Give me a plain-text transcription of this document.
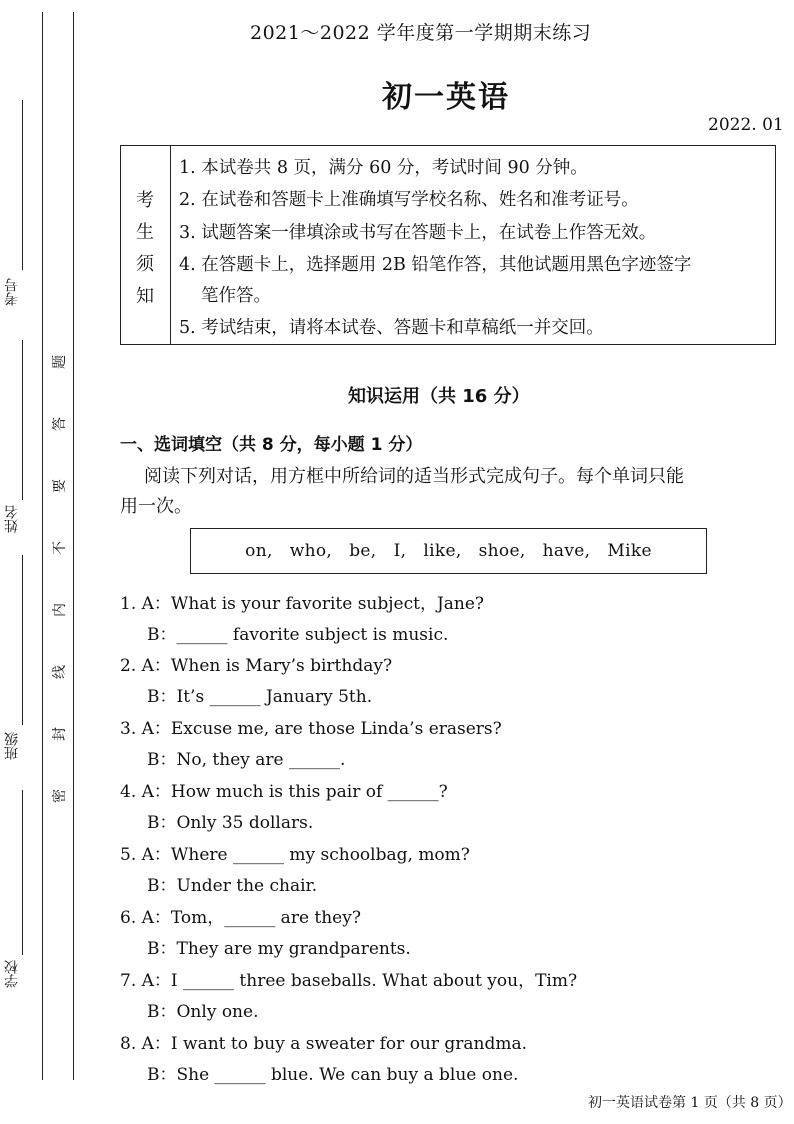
考号
姓名
班级
学校
题
答
要
不
内
线
封
密
2021～2022 学年度第一学期期末练习
初一英语
2022. 01
考
生
须
知
1. 本试卷共 8 页，满分 60 分，考试时间 90 分钟。
2. 在试卷和答题卡上准确填写学校名称、姓名和准考证号。
3. 试题答案一律填涂或书写在答题卡上，在试卷上作答无效。
4. 在答题卡上，选择题用 2B 铅笔作答，其他试题用黑色字迹签字
笔作答。
5. 考试结束，请将本试卷、答题卡和草稿纸一并交回。
知识运用（共 16 分）
一、选词填空（共 8 分，每小题 1 分）
阅读下列对话，用方框中所给词的适当形式完成句子。每个单词只能
用一次。
on,   who,   be,   I,   like,   shoe,   have,   Mike
1. A：What is your favorite subject，Jane?
B：______ favorite subject is music.
2. A：When is Mary’s birthday?
B：It’s ______ January 5th.
3. A：Excuse me, are those Linda’s erasers?
B：No, they are ______.
4. A：How much is this pair of ______?
B：Only 35 dollars.
5. A：Where ______ my schoolbag, mom?
B：Under the chair.
6. A：Tom，______ are they?
B：They are my grandparents.
7. A：I ______ three baseballs. What about you，Tim?
B：Only one.
8. A：I want to buy a sweater for our grandma.
B：She ______ blue. We can buy a blue one.
初一英语试卷第 1 页（共 8 页）
